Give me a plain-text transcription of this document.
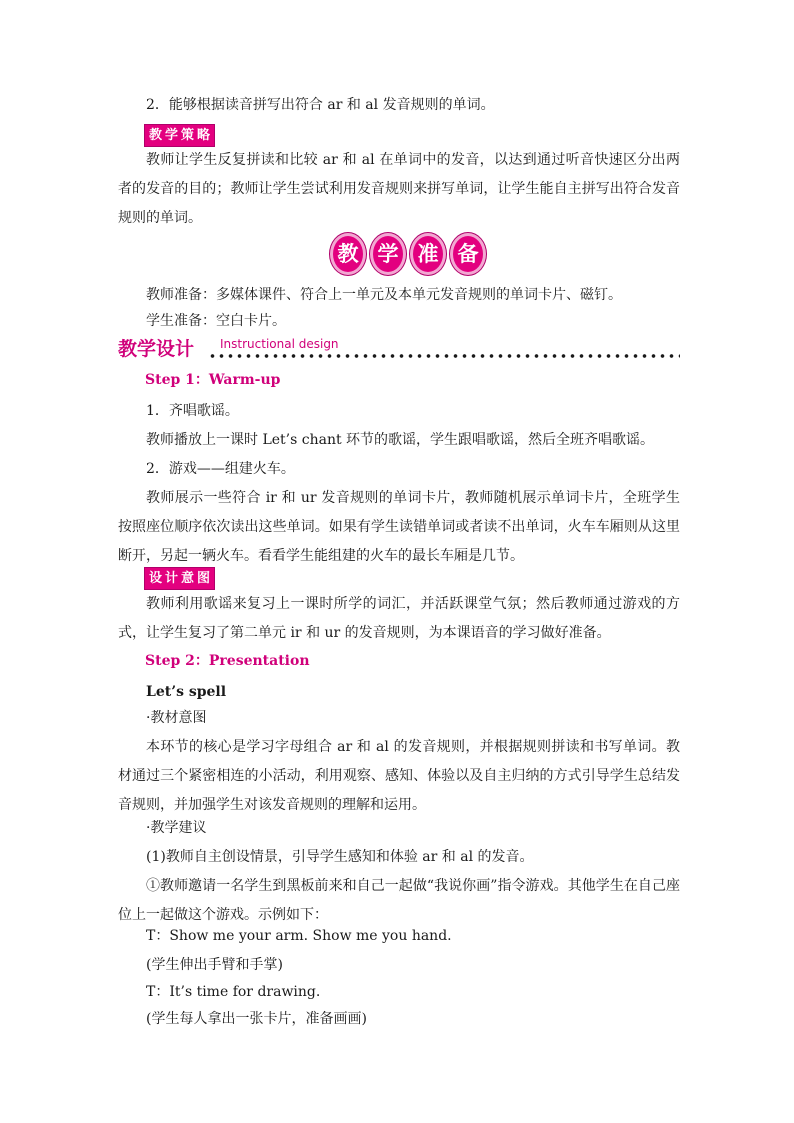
2．能够根据读音拼写出符合 ar 和 al 发音规则的单词。

教 学 策 略

教师让学生反复拼读和比较 ar 和 al 在单词中的发音，以达到通过听音快速区分出两者的发音的目的；教师让学生尝试利用发音规则来拼写单词，让学生能自主拼写出符合发音规则的单词。

教 学 准 备

教师准备：多媒体课件、符合上一单元及本单元发音规则的单词卡片、磁钉。

学生准备：空白卡片。

教学设计 Instructional design
Step 1：Warm-up

1．齐唱歌谣。

教师播放上一课时 Let’s chant 环节的歌谣，学生跟唱歌谣，然后全班齐唱歌谣。

2．游戏——组建火车。

教师展示一些符合 ir 和 ur 发音规则的单词卡片，教师随机展示单词卡片，全班学生按照座位顺序依次读出这些单词。如果有学生读错单词或者读不出单词，火车车厢则从这里断开，另起一辆火车。看看学生能组建的火车的最长车厢是几节。

设 计 意 图

教师利用歌谣来复习上一课时所学的词汇，并活跃课堂气氛；然后教师通过游戏的方式，让学生复习了第二单元 ir 和 ur 的发音规则，为本课语音的学习做好准备。

Step 2：Presentation

Let’s spell

·教材意图

本环节的核心是学习字母组合 ar 和 al 的发音规则，并根据规则拼读和书写单词。教材通过三个紧密相连的小活动，利用观察、感知、体验以及自主归纳的方式引导学生总结发音规则，并加强学生对该发音规则的理解和运用。

·教学建议

(1)教师自主创设情景，引导学生感知和体验 ar 和 al 的发音。

①教师邀请一名学生到黑板前来和自己一起做“我说你画”指令游戏。其他学生在自己座位上一起做这个游戏。示例如下：

T：Show me your arm. Show me you hand.

(学生伸出手臂和手掌)

T：It’s time for drawing.

(学生每人拿出一张卡片，准备画画)
